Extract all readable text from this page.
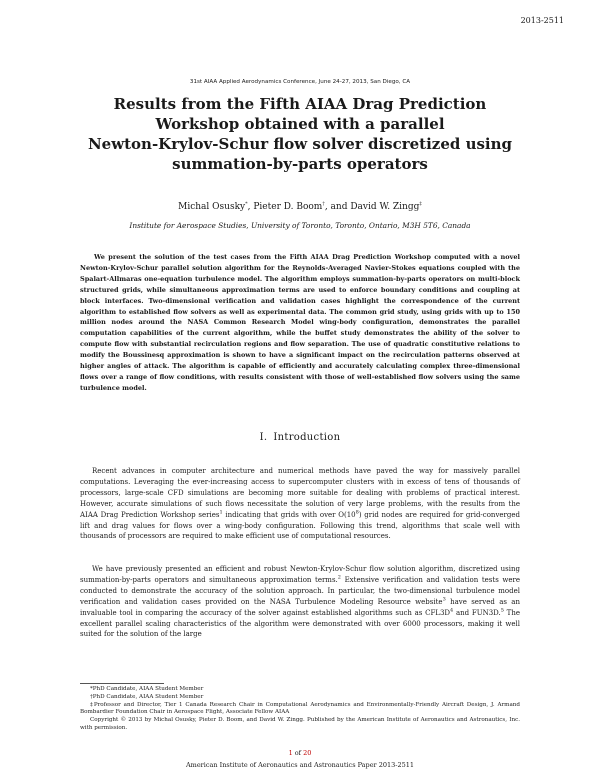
2013-2511
31st AIAA Applied Aerodynamics Conference, June 24-27, 2013, San Diego, CA
Results from the Fifth AIAA Drag Prediction
Workshop obtained with a parallel
Newton-Krylov-Schur flow solver discretized using
summation-by-parts operators
Michal Osusky*, Pieter D. Boom†, and David W. Zingg‡
Institute for Aerospace Studies, University of Toronto, Toronto, Ontario, M3H 5T6, Canada
We present the solution of the test cases from the Fifth AIAA Drag Prediction Workshop computed with a novel Newton-Krylov-Schur parallel solution algorithm for the Reynolds-Averaged Navier-Stokes equations coupled with the Spalart-Allmaras one-equation turbulence model. The algorithm employs summation-by-parts operators on multi-block structured grids, while simultaneous approximation terms are used to enforce boundary conditions and coupling at block interfaces. Two-dimensional verification and validation cases highlight the correspondence of the current algorithm to established flow solvers as well as experimental data. The common grid study, using grids with up to 150 million nodes around the NASA Common Research Model wing-body configuration, demonstrates the parallel computation capabilities of the current algorithm, while the buffet study demonstrates the ability of the solver to compute flow with substantial recirculation regions and flow separation. The use of quadratic constitutive relations to modify the Boussinesq approximation is shown to have a significant impact on the recirculation patterns observed at higher angles of attack. The algorithm is capable of efficiently and accurately calculating complex three-dimensional flows over a range of flow conditions, with results consistent with those of well-established flow solvers using the same turbulence model.
I. Introduction
Recent advances in computer architecture and numerical methods have paved the way for massively parallel computations. Leveraging the ever-increasing access to supercomputer clusters with in excess of tens of thousands of processors, large-scale CFD simulations are becoming more suitable for dealing with problems of practical interest. However, accurate simulations of such flows necessitate the solution of very large problems, with the results from the AIAA Drag Prediction Workshop series$^1$ indicating that grids with over $O(10^8)$ grid nodes are required for grid-converged lift and drag values for flows over a wing-body configuration. Following this trend, algorithms that scale well with thousands of processors are required to make efficient use of computational resources.
We have previously presented an efficient and robust Newton-Krylov-Schur flow solution algorithm, discretized using summation-by-parts operators and simultaneous approximation terms.$^2$ Extensive verification and validation tests were conducted to demonstrate the accuracy of the solution approach. In particular, the two-dimensional turbulence model verification and validation cases provided on the NASA Turbulence Modeling Resource website$^3$ have served as an invaluable tool in comparing the accuracy of the solver against established algorithms such as $CFL3D^4$ and FUN3D.$^5$ The excellent parallel scaling characteristics of the algorithm were demonstrated with over 6000 processors, making it well suited for the solution of the large

*PhD Candidate, AIAA Student Member

†PhD Candidate, AIAA Student Member

‡Professor and Director, Tier 1 Canada Research Chair in Computational Aerodynamics and Environmentally-Friendly Aircraft Design, J. Armand Bombardier Foundation Chair in Aerospace Flight, Associate Fellow AIAA

Copyright © 2013 by Michal Osusky, Pieter D. Boom, and David W. Zingg. Published by the American Institute of Aeronautics and Astronautics, Inc. with permission.

1 of 20
American Institute of Aeronautics and Astronautics Paper 2013-2511
